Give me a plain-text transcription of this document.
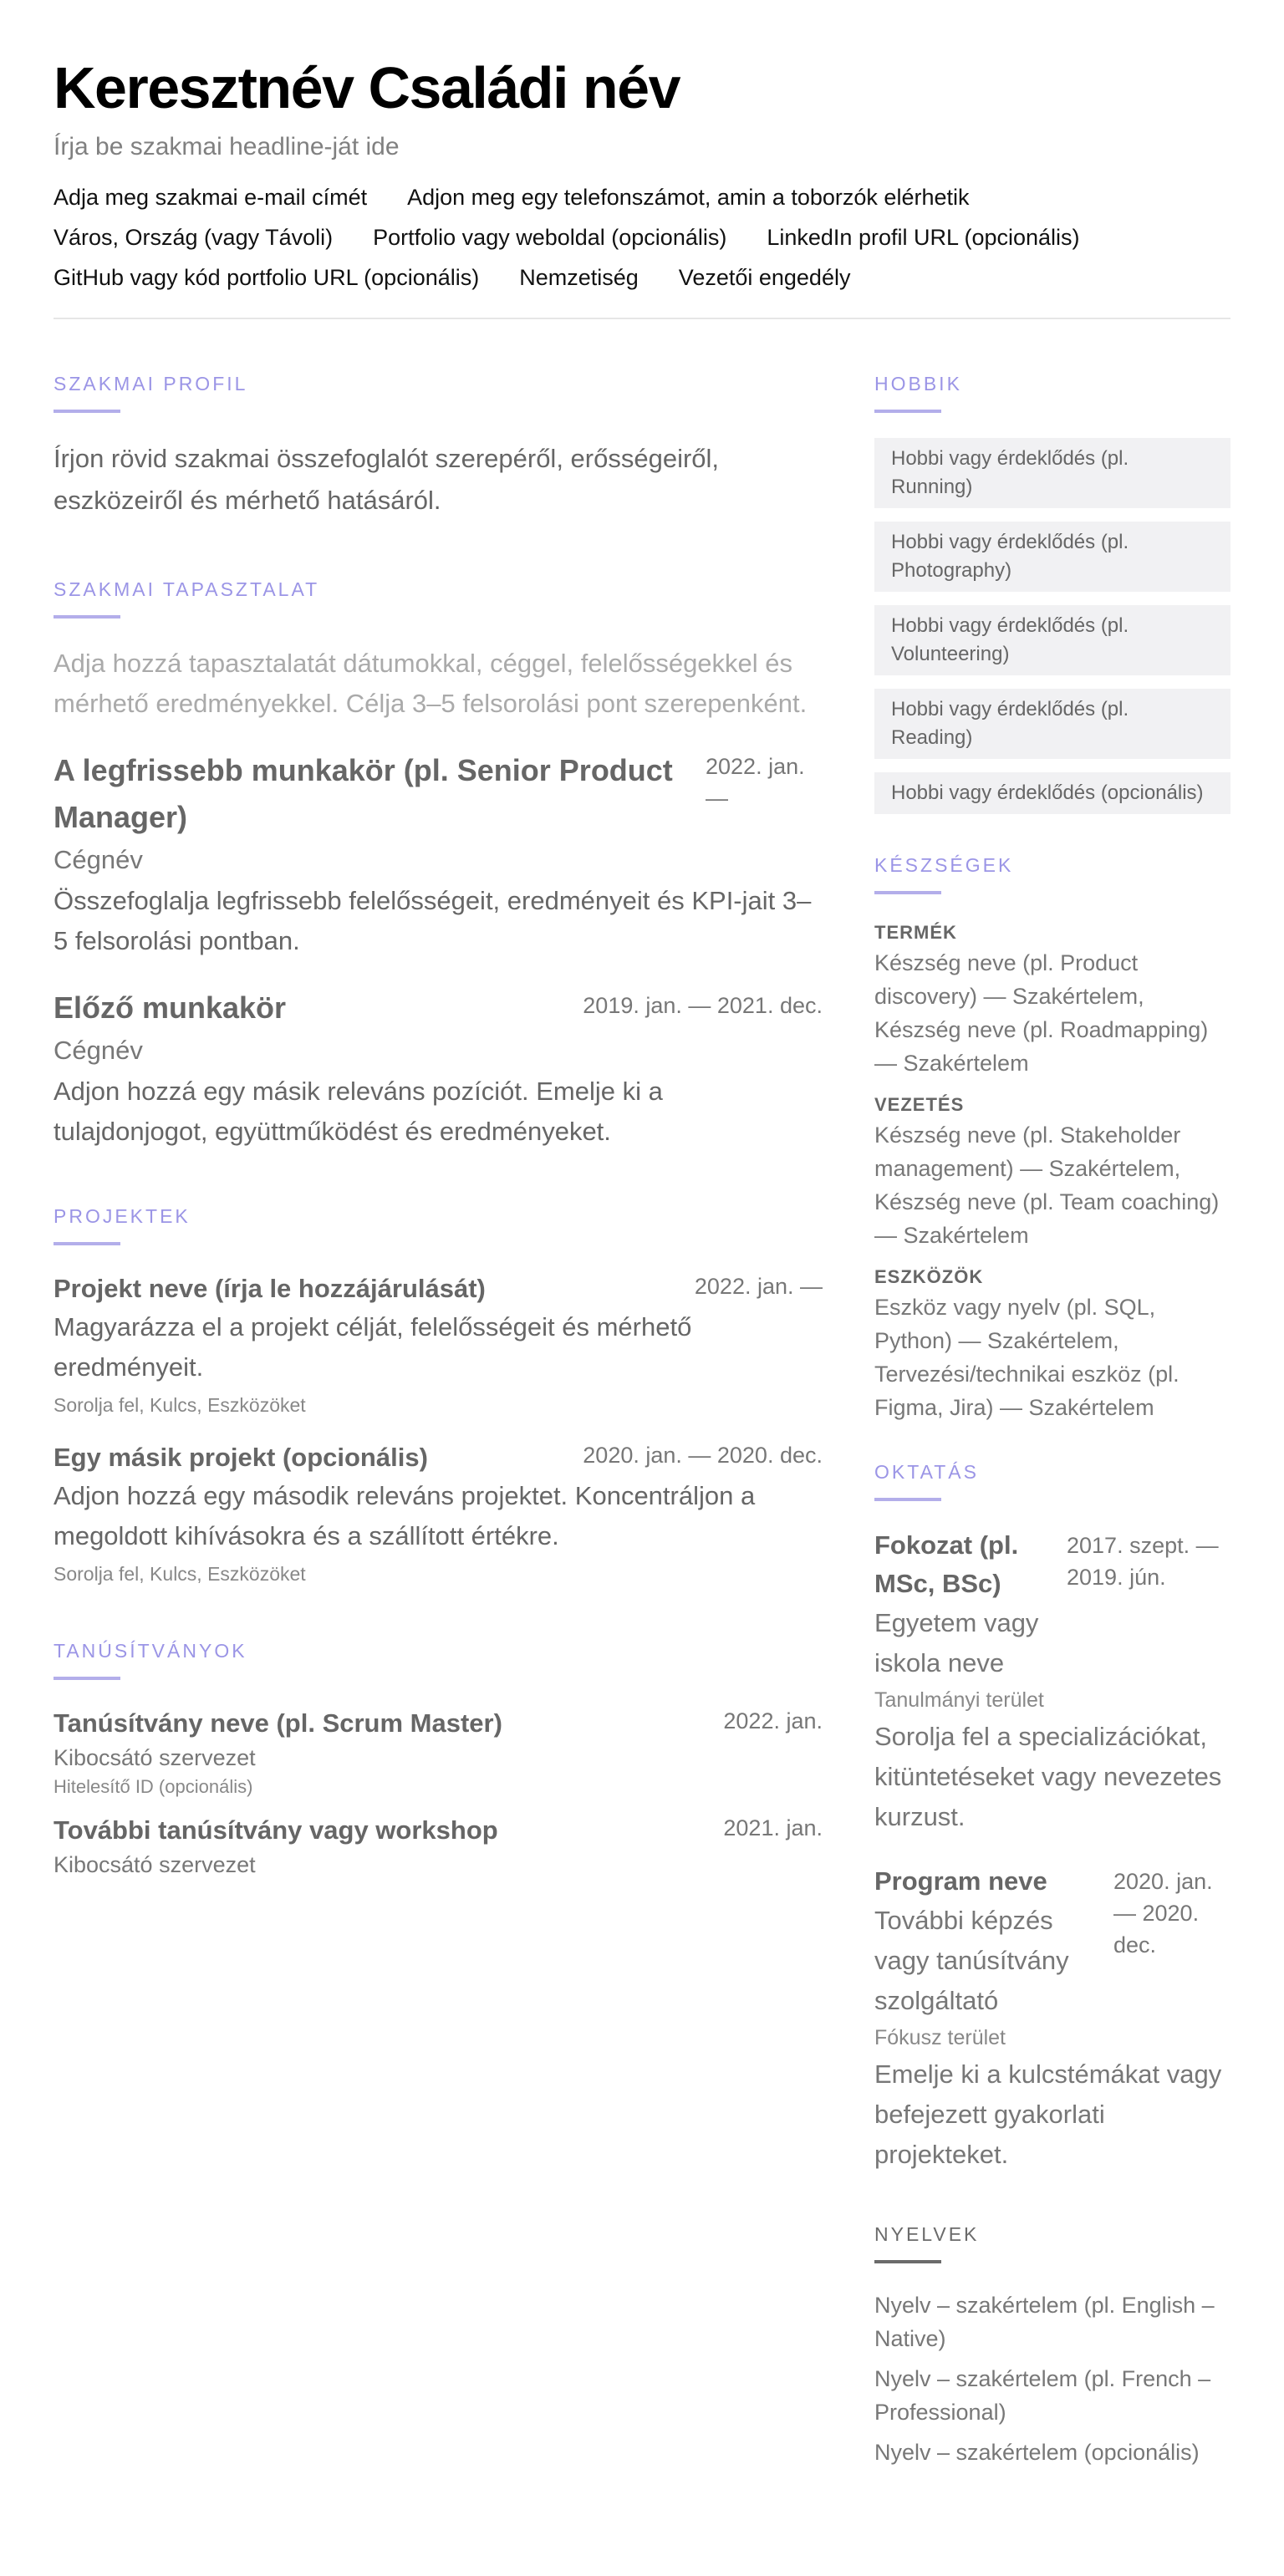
Keresztnév Családi név
Írja be szakmai headline-ját ide
Adja meg szakmai e-mail címét Adjon meg egy telefonszámot, amin a toborzók elérhetik
Város, Ország (vagy Távoli) Portfolio vagy weboldal (opcionális) LinkedIn profil URL (opcionális)
GitHub vagy kód portfolio URL (opcionális) Nemzetiség Vezetői engedély
SZAKMAI PROFIL
Írjon rövid szakmai összefoglalót szerepéről, erősségeiről, eszközeiről és mérhető hatásáról.
SZAKMAI TAPASZTALAT
Adja hozzá tapasztalatát dátumokkal, céggel, felelősségekkel és mérhető eredményekkel. Célja 3–5 felsorolási pont szerepenként.
A legfrissebb munkakör (pl. Senior Product Manager)
2022. jan. —
Cégnév
Összefoglalja legfrissebb felelősségeit, eredményeit és KPI-jait 3–5 felsorolási pontban.
Előző munkakör	2019. jan. — 2021. dec.
Cégnév
Adjon hozzá egy másik releváns pozíciót. Emelje ki a tulajdonjogot, együttműködést és eredményeket.
PROJEKTEK
Projekt neve (írja le hozzájárulását)	2022. jan. —
Magyarázza el a projekt célját, felelősségeit és mérhető eredményeit.
Sorolja fel, Kulcs, Eszközöket
Egy másik projekt (opcionális)	2020. jan. — 2020. dec.
Adjon hozzá egy második releváns projektet. Koncentráljon a megoldott kihívásokra és a szállított értékre.
Sorolja fel, Kulcs, Eszközöket
TANÚSÍTVÁNYOK
Tanúsítvány neve (pl. Scrum Master)	2022. jan.
Kibocsátó szervezet
Hitelesítő ID (opcionális)
További tanúsítvány vagy workshop	2021. jan.
Kibocsátó szervezet
HOBBIK
Hobbi vagy érdeklődés (pl. Running)
Hobbi vagy érdeklődés (pl. Photography)
Hobbi vagy érdeklődés (pl. Volunteering)
Hobbi vagy érdeklődés (pl. Reading)
Hobbi vagy érdeklődés (opcionális)
KÉSZSÉGEK
TERMÉK
Készség neve (pl. Product discovery) — Szakértelem, Készség neve (pl. Roadmapping) — Szakértelem
VEZETÉS
Készség neve (pl. Stakeholder management) — Szakértelem, Készség neve (pl. Team coaching) — Szakértelem
ESZKÖZÖK
Eszköz vagy nyelv (pl. SQL, Python) — Szakértelem, Tervezési/technikai eszköz (pl. Figma, Jira) — Szakértelem
OKTATÁS
Fokozat (pl. MSc, BSc)
Egyetem vagy iskola neve
Tanulmányi terület
2017. szept. — 2019. jún.
Sorolja fel a specializációkat, kitüntetéseket vagy nevezetes kurzust.
Program neve
További képzés vagy tanúsítvány szolgáltató
Fókusz terület
2020. jan. — 2020. dec.
Emelje ki a kulcstémákat vagy befejezett gyakorlati projekteket.
NYELVEK
Nyelv – szakértelem (pl. English – Native)
Nyelv – szakértelem (pl. French – Professional)
Nyelv – szakértelem (opcionális)
